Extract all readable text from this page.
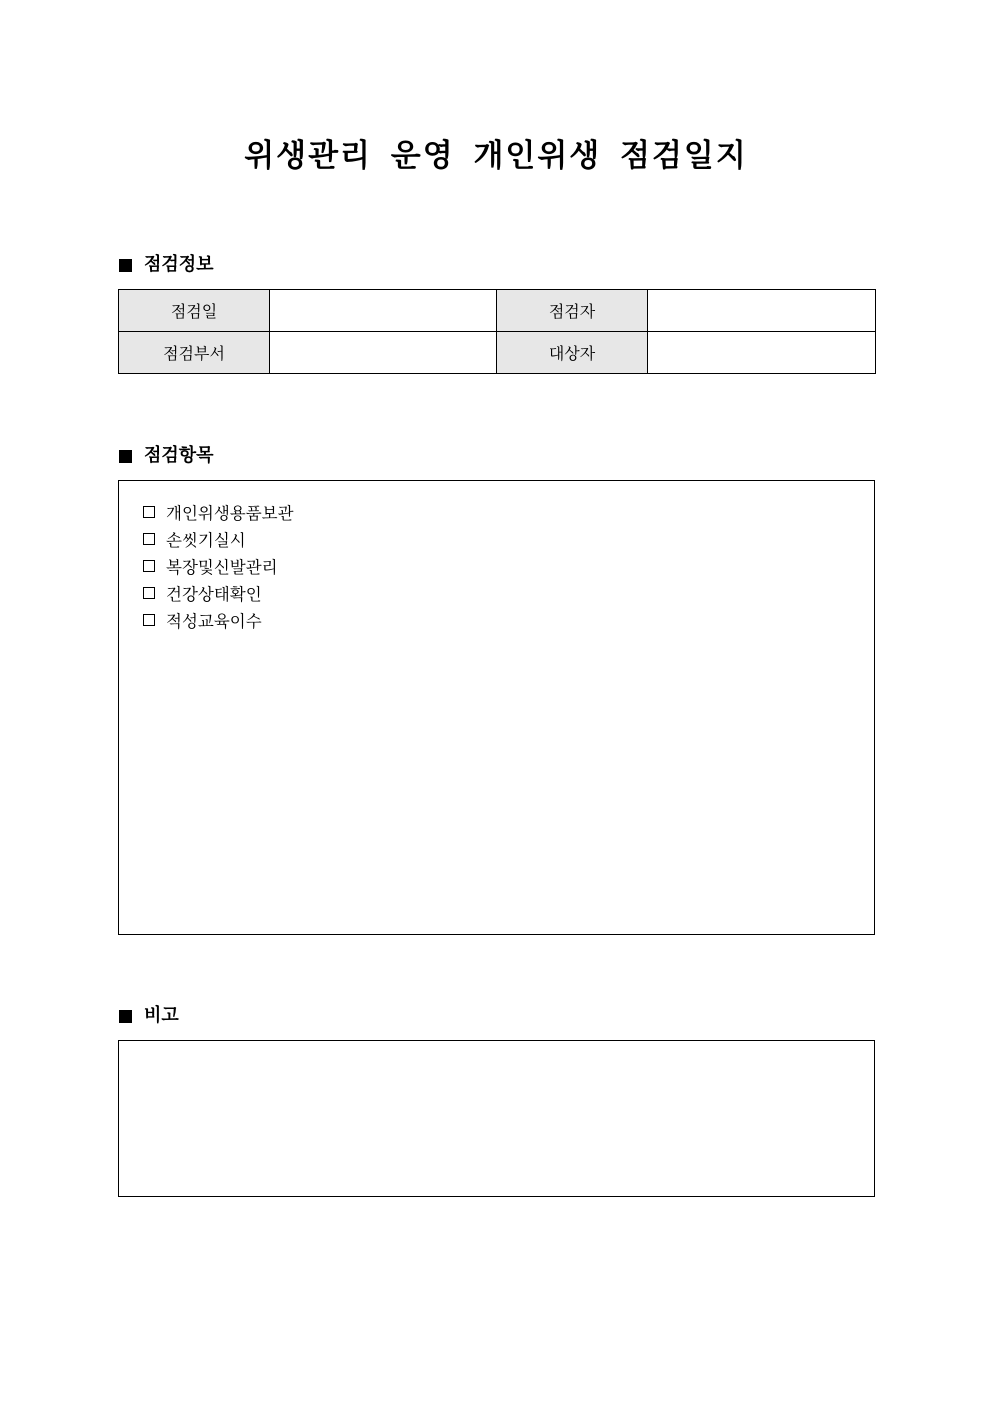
위생관리 운영 개인위생 점검일지
점검정보
점검일		점검자	
점검부서		대상자	
점검항목
개인위생용품보관
손씻기실시
복장및신발관리
건강상태확인
적성교육이수
비고
